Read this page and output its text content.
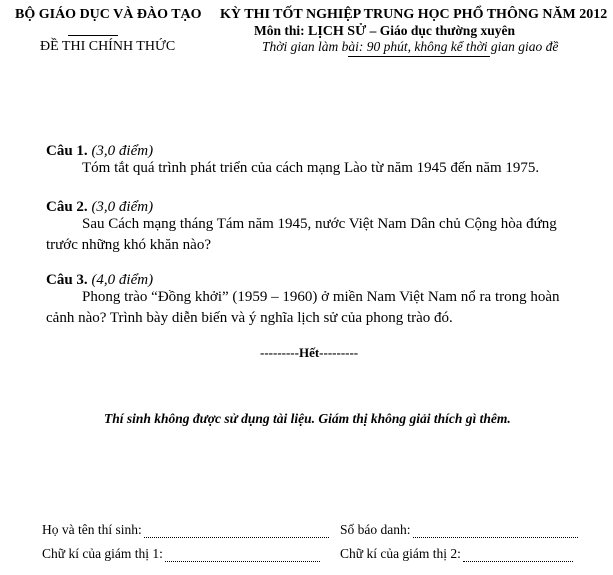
BỘ GIÁO DỤC VÀ ĐÀO TẠO
ĐỀ THI CHÍNH THỨC
KỲ THI TỐT NGHIỆP TRUNG HỌC PHỔ THÔNG NĂM 2012
Môn thi: LỊCH SỬ – Giáo dục thường xuyên
Thời gian làm bài: 90 phút, không kể thời gian giao đề
Câu 1. (3,0 điểm)
Tóm tắt quá trình phát triển của cách mạng Lào từ năm 1945 đến năm 1975.
Câu 2. (3,0 điểm)
Sau Cách mạng tháng Tám năm 1945, nước Việt Nam Dân chủ Cộng hòa đứng trước những khó khăn nào?
Câu 3. (4,0 điểm)
Phong trào “Đồng khởi” (1959 – 1960) ở miền Nam Việt Nam nổ ra trong hoàn cảnh nào? Trình bày diễn biến và ý nghĩa lịch sử của phong trào đó.
---------Hết---------
Thí sinh không được sử dụng tài liệu. Giám thị không giải thích gì thêm.
Họ và tên thí sinh:	Số báo danh:
Chữ kí của giám thị 1:	Chữ kí của giám thị 2:
